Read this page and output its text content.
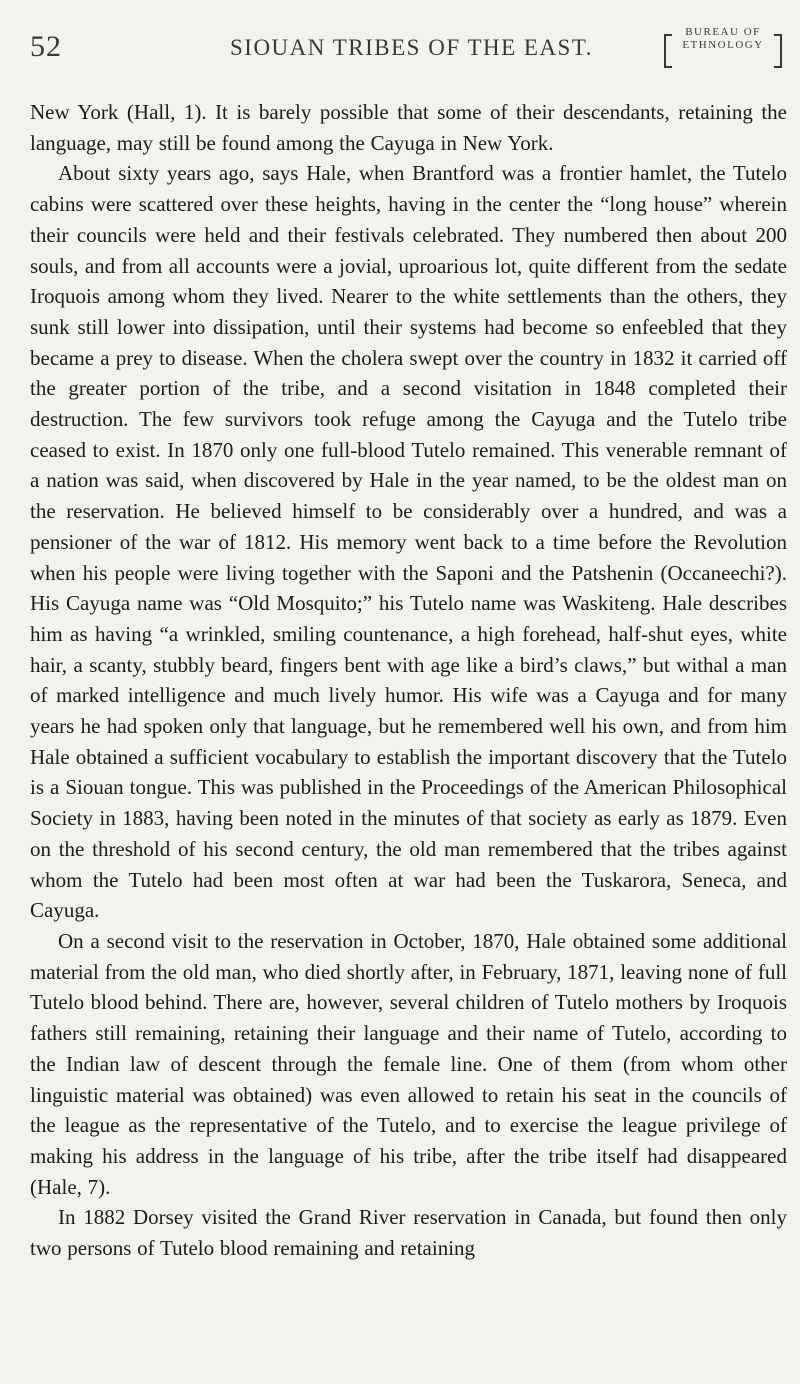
52	SIOUAN TRIBES OF THE EAST.
BUREAU OF
ETHNOLOGY

New York (Hall, 1). It is barely possible that some of their descendants, retaining the language, may still be found among the Cayuga in New York.

About sixty years ago, says Hale, when Brantford was a frontier hamlet, the Tutelo cabins were scattered over these heights, having in the center the “long house” wherein their councils were held and their festivals celebrated. They numbered then about 200 souls, and from all accounts were a jovial, uproarious lot, quite different from the sedate Iroquois among whom they lived. Nearer to the white settlements than the others, they sunk still lower into dissipation, until their systems had become so enfeebled that they became a prey to disease. When the cholera swept over the country in 1832 it carried off the greater portion of the tribe, and a second visitation in 1848 completed their destruction. The few survivors took refuge among the Cayuga and the Tutelo tribe ceased to exist. In 1870 only one full-blood Tutelo remained. This venerable remnant of a nation was said, when discovered by Hale in the year named, to be the oldest man on the reservation. He believed himself to be considerably over a hundred, and was a pensioner of the war of 1812. His memory went back to a time before the Revolution when his people were living together with the Saponi and the Patshenin (Occaneechi?). His Cayuga name was “Old Mosquito;” his Tutelo name was Waskiteng. Hale describes him as having “a wrinkled, smiling countenance, a high forehead, half-shut eyes, white hair, a scanty, stubbly beard, fingers bent with age like a bird’s claws,” but withal a man of marked intelligence and much lively humor. His wife was a Cayuga and for many years he had spoken only that language, but he remembered well his own, and from him Hale obtained a sufficient vocabulary to establish the important discovery that the Tutelo is a Siouan tongue. This was published in the Proceedings of the American Philosophical Society in 1883, having been noted in the minutes of that society as early as 1879. Even on the threshold of his second century, the old man remembered that the tribes against whom the Tutelo had been most often at war had been the Tuskarora, Seneca, and Cayuga.

On a second visit to the reservation in October, 1870, Hale obtained some additional material from the old man, who died shortly after, in February, 1871, leaving none of full Tutelo blood behind. There are, however, several children of Tutelo mothers by Iroquois fathers still remaining, retaining their language and their name of Tutelo, according to the Indian law of descent through the female line. One of them (from whom other linguistic material was obtained) was even allowed to retain his seat in the councils of the league as the representative of the Tutelo, and to exercise the league privilege of making his address in the language of his tribe, after the tribe itself had disappeared (Hale, 7).

In 1882 Dorsey visited the Grand River reservation in Canada, but found then only two persons of Tutelo blood remaining and retaining
